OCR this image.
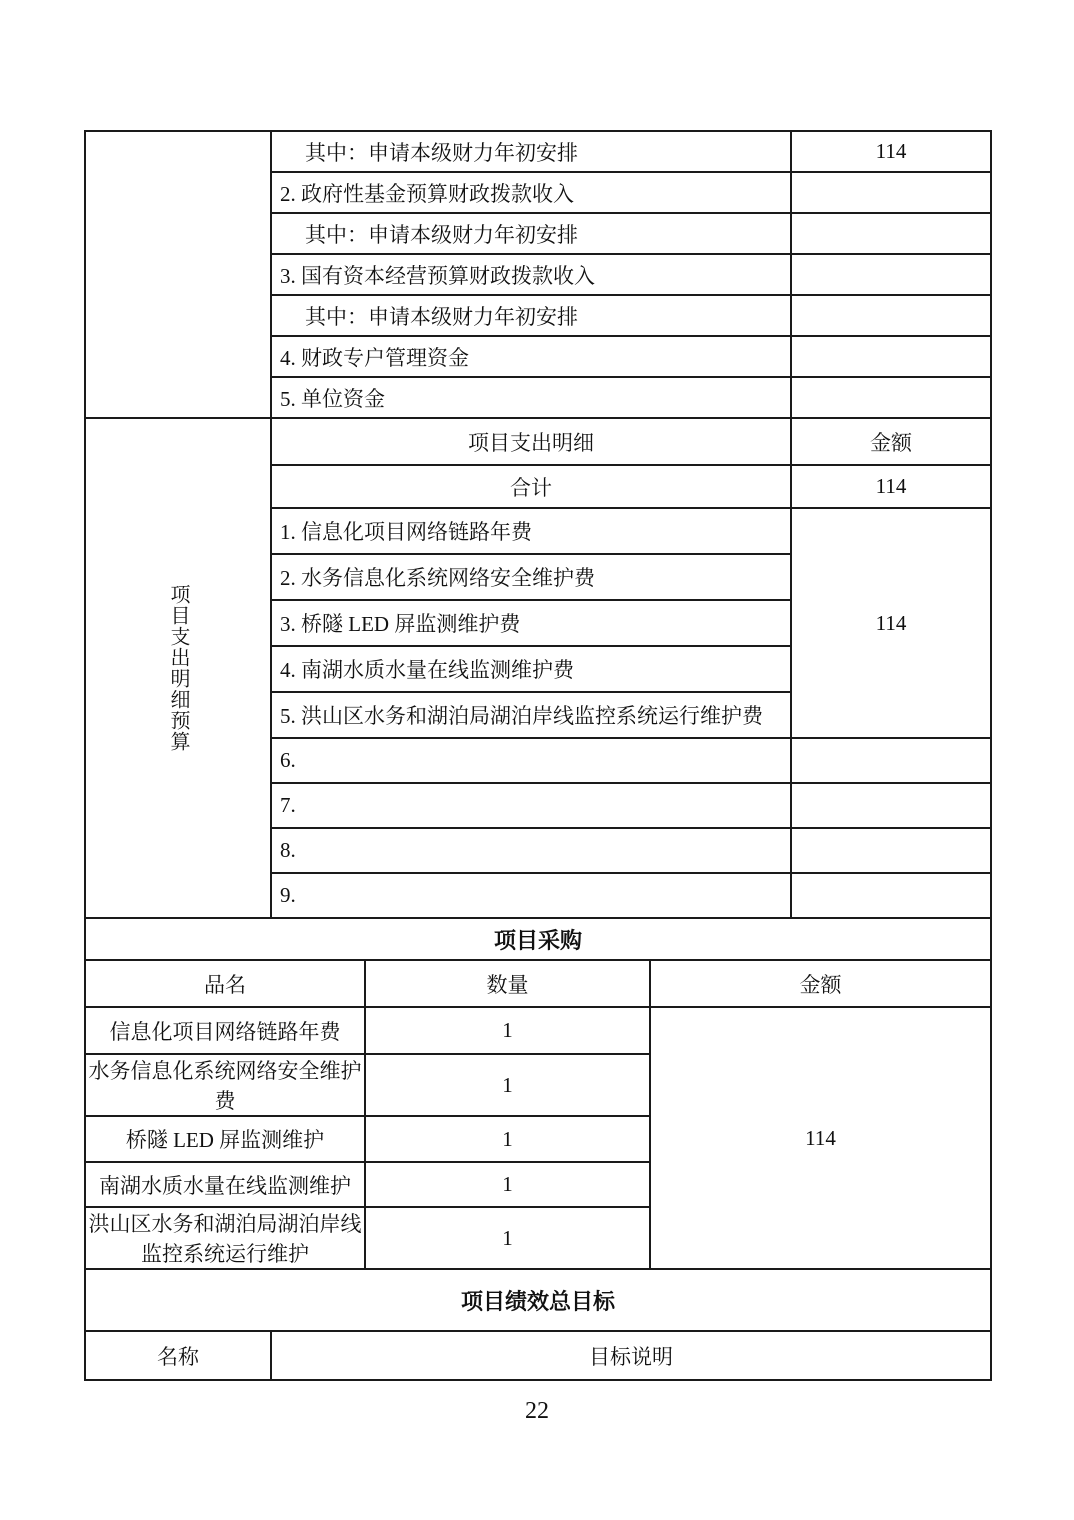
	其中：申请本级财力年初安排			114
	2. 政府性基金预算财政拨款收入			
	其中：申请本级财力年初安排			
	3. 国有资本经营预算财政拨款收入			
	其中：申请本级财力年初安排			
	4. 财政专户管理资金			
	5. 单位资金			

项目支出明细预算	项目支出明细			金额
	合计			114
	1. 信息化项目网络链路年费			114
	2. 水务信息化系统网络安全维护费			
	3. 桥隧 LED 屏监测维护费			
	4. 南湖水质水量在线监测维护费			
	5. 洪山区水务和湖泊局湖泊岸线监控系统运行维护费			
	6.			
	7.			
	8.			
	9.			
项目采购				
品名		数量	金额	
信息化项目网络链路年费		1	114	
水务信息化系统网络安全维护费		1		
桥隧 LED 屏监测维护		1		
南湖水质水量在线监测维护		1		
洪山区水务和湖泊局湖泊岸线监控系统运行维护		1		
项目绩效总目标				
名称	目标说明			
22
